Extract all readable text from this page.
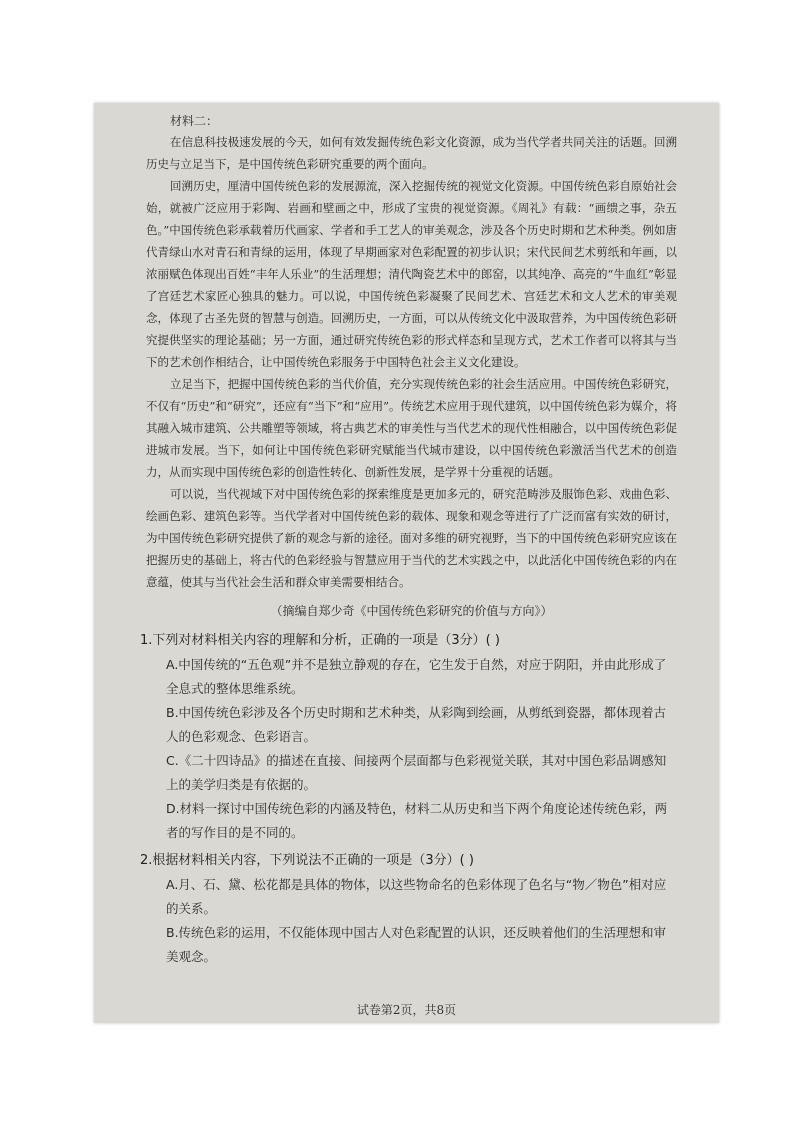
材料二：

在信息科技极速发展的今天，如何有效发掘传统色彩文化资源，成为当代学者共同关注的话题。回溯历史与立足当下，是中国传统色彩研究重要的两个面向。

回溯历史，厘清中国传统色彩的发展源流，深入挖掘传统的视觉文化资源。中国传统色彩自原始社会始，就被广泛应用于彩陶、岩画和壁画之中，形成了宝贵的视觉资源。《周礼》有载：“画缋之事，杂五色。”中国传统色彩承载着历代画家、学者和手工艺人的审美观念，涉及各个历史时期和艺术种类。例如唐代青绿山水对青石和青绿的运用，体现了早期画家对色彩配置的初步认识；宋代民间艺术剪纸和年画，以浓丽赋色体现出百姓“丰年人乐业”的生活理想；清代陶瓷艺术中的郎窑，以其纯净、高亮的“牛血红”彰显了宫廷艺术家匠心独具的魅力。可以说，中国传统色彩凝聚了民间艺术、宫廷艺术和文人艺术的审美观念，体现了古圣先贤的智慧与创造。回溯历史，一方面，可以从传统文化中汲取营养，为中国传统色彩研究提供坚实的理论基础；另一方面，通过研究传统色彩的形式样态和呈现方式，艺术工作者可以将其与当下的艺术创作相结合，让中国传统色彩服务于中国特色社会主义文化建设。

立足当下，把握中国传统色彩的当代价值，充分实现传统色彩的社会生活应用。中国传统色彩研究，不仅有“历史”和“研究”，还应有“当下”和“应用”。传统艺术应用于现代建筑，以中国传统色彩为媒介，将其融入城市建筑、公共雕塑等领域，将古典艺术的审美性与当代艺术的现代性相融合，以中国传统色彩促进城市发展。当下，如何让中国传统色彩研究赋能当代城市建设，以中国传统色彩激活当代艺术的创造力，从而实现中国传统色彩的创造性转化、创新性发展，是学界十分重视的话题。

可以说，当代视域下对中国传统色彩的探索维度是更加多元的，研究范畴涉及服饰色彩、戏曲色彩、绘画色彩、建筑色彩等。当代学者对中国传统色彩的载体、现象和观念等进行了广泛而富有实效的研讨，为中国传统色彩研究提供了新的观念与新的途径。面对多维的研究视野，当下的中国传统色彩研究应该在把握历史的基础上，将古代的色彩经验与智慧应用于当代的艺术实践之中，以此活化中国传统色彩的内在意蕴，使其与当代社会生活和群众审美需要相结合。

（摘编自郑少奇《中国传统色彩研究的价值与方向》）
1.下列对材料相关内容的理解和分析，正确的一项是（3分）( )

A.中国传统的“五色观”并不是独立静观的存在，它生发于自然，对应于阴阳，并由此形成了全息式的整体思维系统。

B.中国传统色彩涉及各个历史时期和艺术种类，从彩陶到绘画，从剪纸到瓷器，都体现着古人的色彩观念、色彩语言。

C.《二十四诗品》的描述在直接、间接两个层面都与色彩视觉关联，其对中国色彩品调感知上的美学归类是有依据的。

D.材料一探讨中国传统色彩的内涵及特色，材料二从历史和当下两个角度论述传统色彩，两者的写作目的是不同的。

2.根据材料相关内容，下列说法不正确的一项是（3分）( )

A.月、石、黛、松花都是具体的物体，以这些物命名的色彩体现了色名与“物／物色”相对应的关系。

B.传统色彩的运用，不仅能体现中国古人对色彩配置的认识，还反映着他们的生活理想和审美观念。

试卷第2页，共8页
